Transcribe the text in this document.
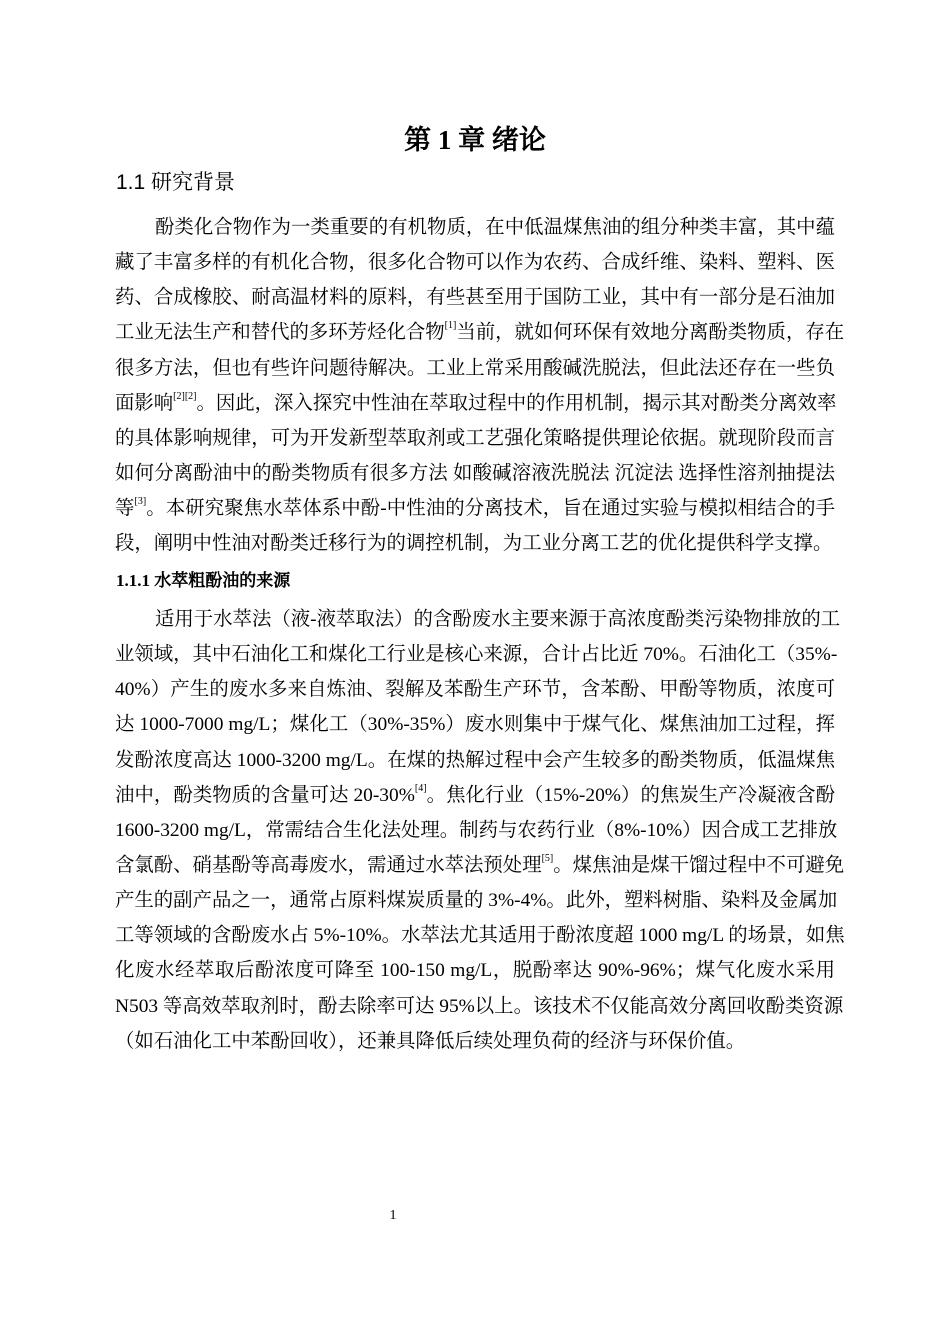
第 1 章 绪论
1.1 研究背景
酚类化合物作为一类重要的有机物质，在中低温煤焦油的组分种类丰富，其中蕴
藏了丰富多样的有机化合物，很多化合物可以作为农药、合成纤维、染料、塑料、医
药、合成橡胶、耐高温材料的原料，有些甚至用于国防工业，其中有一部分是石油加
工业无法生产和替代的多环芳烃化合物[1]当前，就如何环保有效地分离酚类物质，存在
很多方法，但也有些许问题待解决。工业上常采用酸碱洗脱法，但此法还存在一些负
面影响[2][2]。因此，深入探究中性油在萃取过程中的作用机制，揭示其对酚类分离效率
的具体影响规律，可为开发新型萃取剂或工艺强化策略提供理论依据。就现阶段而言
如何分离酚油中的酚类物质有很多方法 如酸碱溶液洗脱法 沉淀法 选择性溶剂抽提法
等[3]。本研究聚焦水萃体系中酚-中性油的分离技术，旨在通过实验与模拟相结合的手
段，阐明中性油对酚类迁移行为的调控机制，为工业分离工艺的优化提供科学支撑。
1.1.1 水萃粗酚油的来源
适用于水萃法（液-液萃取法）的含酚废水主要来源于高浓度酚类污染物排放的工
业领域，其中石油化工和煤化工行业是核心来源，合计占比近 70%。石油化工（35%-
40%）产生的废水多来自炼油、裂解及苯酚生产环节，含苯酚、甲酚等物质，浓度可
达 1000-7000 mg/L；煤化工（30%-35%）废水则集中于煤气化、煤焦油加工过程，挥
发酚浓度高达 1000-3200 mg/L。在煤的热解过程中会产生较多的酚类物质，低温煤焦
油中，酚类物质的含量可达 20-30%[4]。焦化行业（15%-20%）的焦炭生产冷凝液含酚
1600-3200 mg/L，常需结合生化法处理。制药与农药行业（8%-10%）因合成工艺排放
含氯酚、硝基酚等高毒废水，需通过水萃法预处理[5]。煤焦油是煤干馏过程中不可避免
产生的副产品之一，通常占原料煤炭质量的 3%-4%。此外，塑料树脂、染料及金属加
工等领域的含酚废水占 5%-10%。水萃法尤其适用于酚浓度超 1000 mg/L 的场景，如焦
化废水经萃取后酚浓度可降至 100-150 mg/L，脱酚率达 90%-96%；煤气化废水采用
N503 等高效萃取剂时，酚去除率可达 95%以上。该技术不仅能高效分离回收酚类资源
（如石油化工中苯酚回收），还兼具降低后续处理负荷的经济与环保价值。
1
